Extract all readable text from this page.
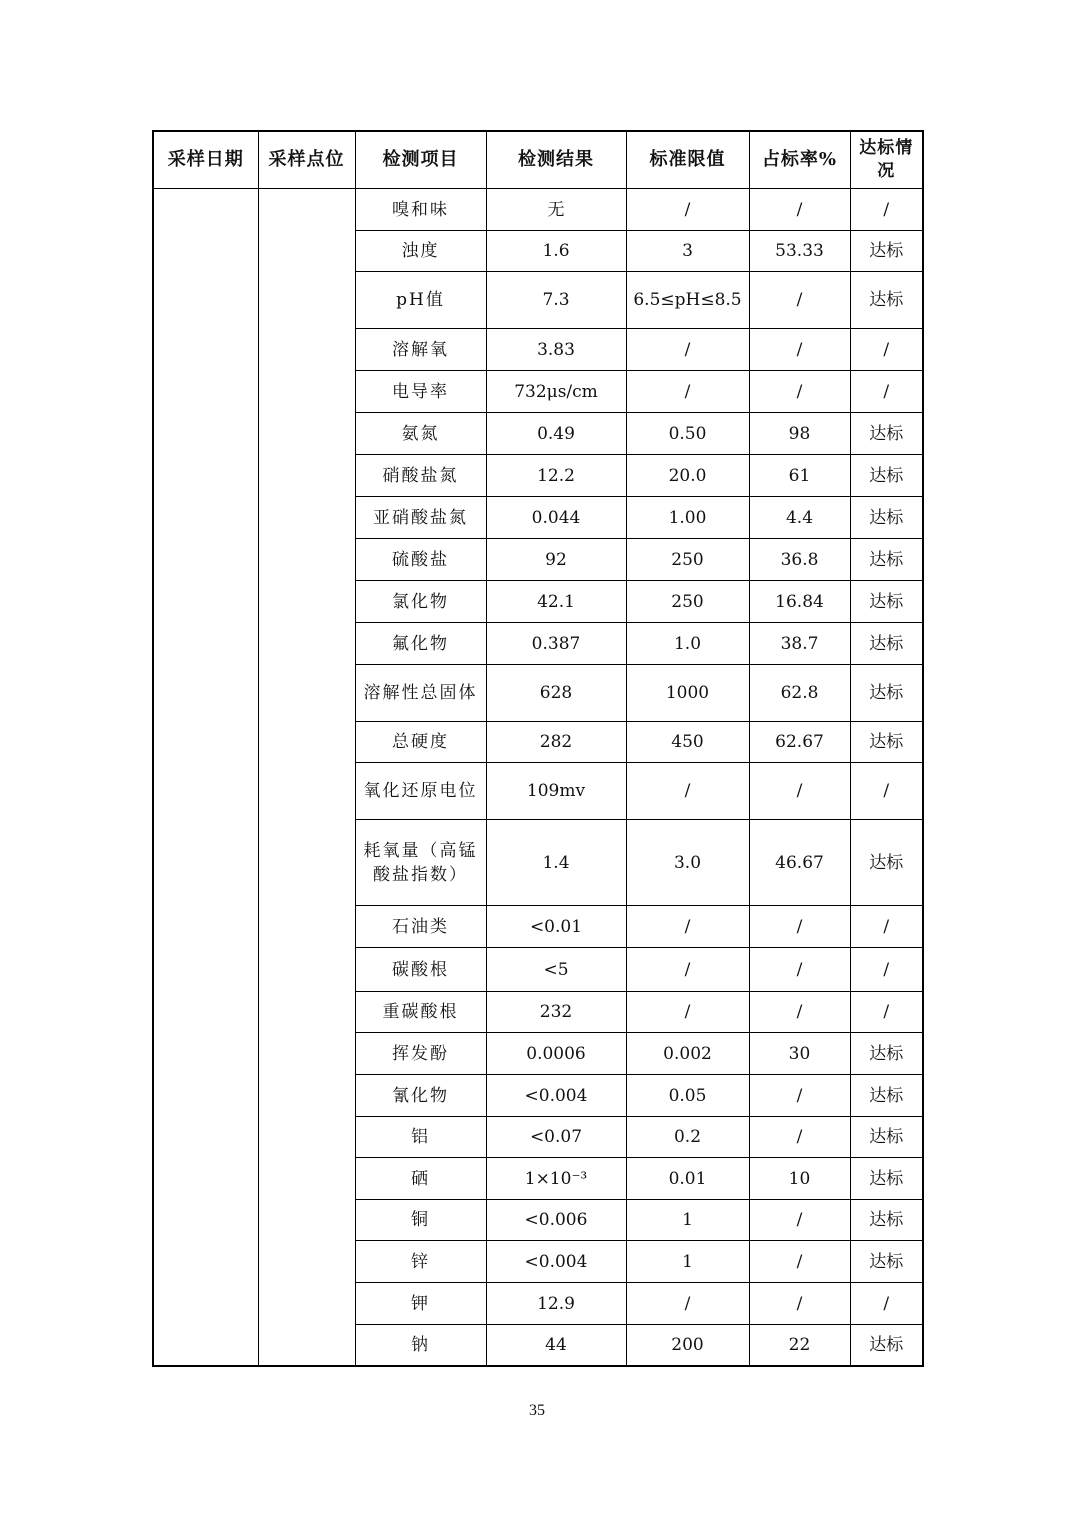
采样日期	采样点位	检测项目	检测结果	标准限值	占标率%	达标情况
		嗅和味	无	/	/	/
		浊度	1.6	3	53.33	达标
		pH值	7.3	6.5≤pH≤8.5	/	达标
		溶解氧	3.83	/	/	/
		电导率	732μs/cm	/	/	/
		氨氮	0.49	0.50	98	达标
		硝酸盐氮	12.2	20.0	61	达标
		亚硝酸盐氮	0.044	1.00	4.4	达标
		硫酸盐	92	250	36.8	达标
		氯化物	42.1	250	16.84	达标
		氟化物	0.387	1.0	38.7	达标
		溶解性总固体	628	1000	62.8	达标
		总硬度	282	450	62.67	达标
		氧化还原电位	109mv	/	/	/
		耗氧量（高锰酸盐指数）	1.4	3.0	46.67	达标
		石油类	<0.01	/	/	/
		碳酸根	<5	/	/	/
		重碳酸根	232	/	/	/
		挥发酚	0.0006	0.002	30	达标
		氰化物	<0.004	0.05	/	达标
		铝	<0.07	0.2	/	达标
		硒	1×10⁻³	0.01	10	达标
		铜	<0.006	1	/	达标
		锌	<0.004	1	/	达标
		钾	12.9	/	/	/
		钠	44	200	22	达标
35
